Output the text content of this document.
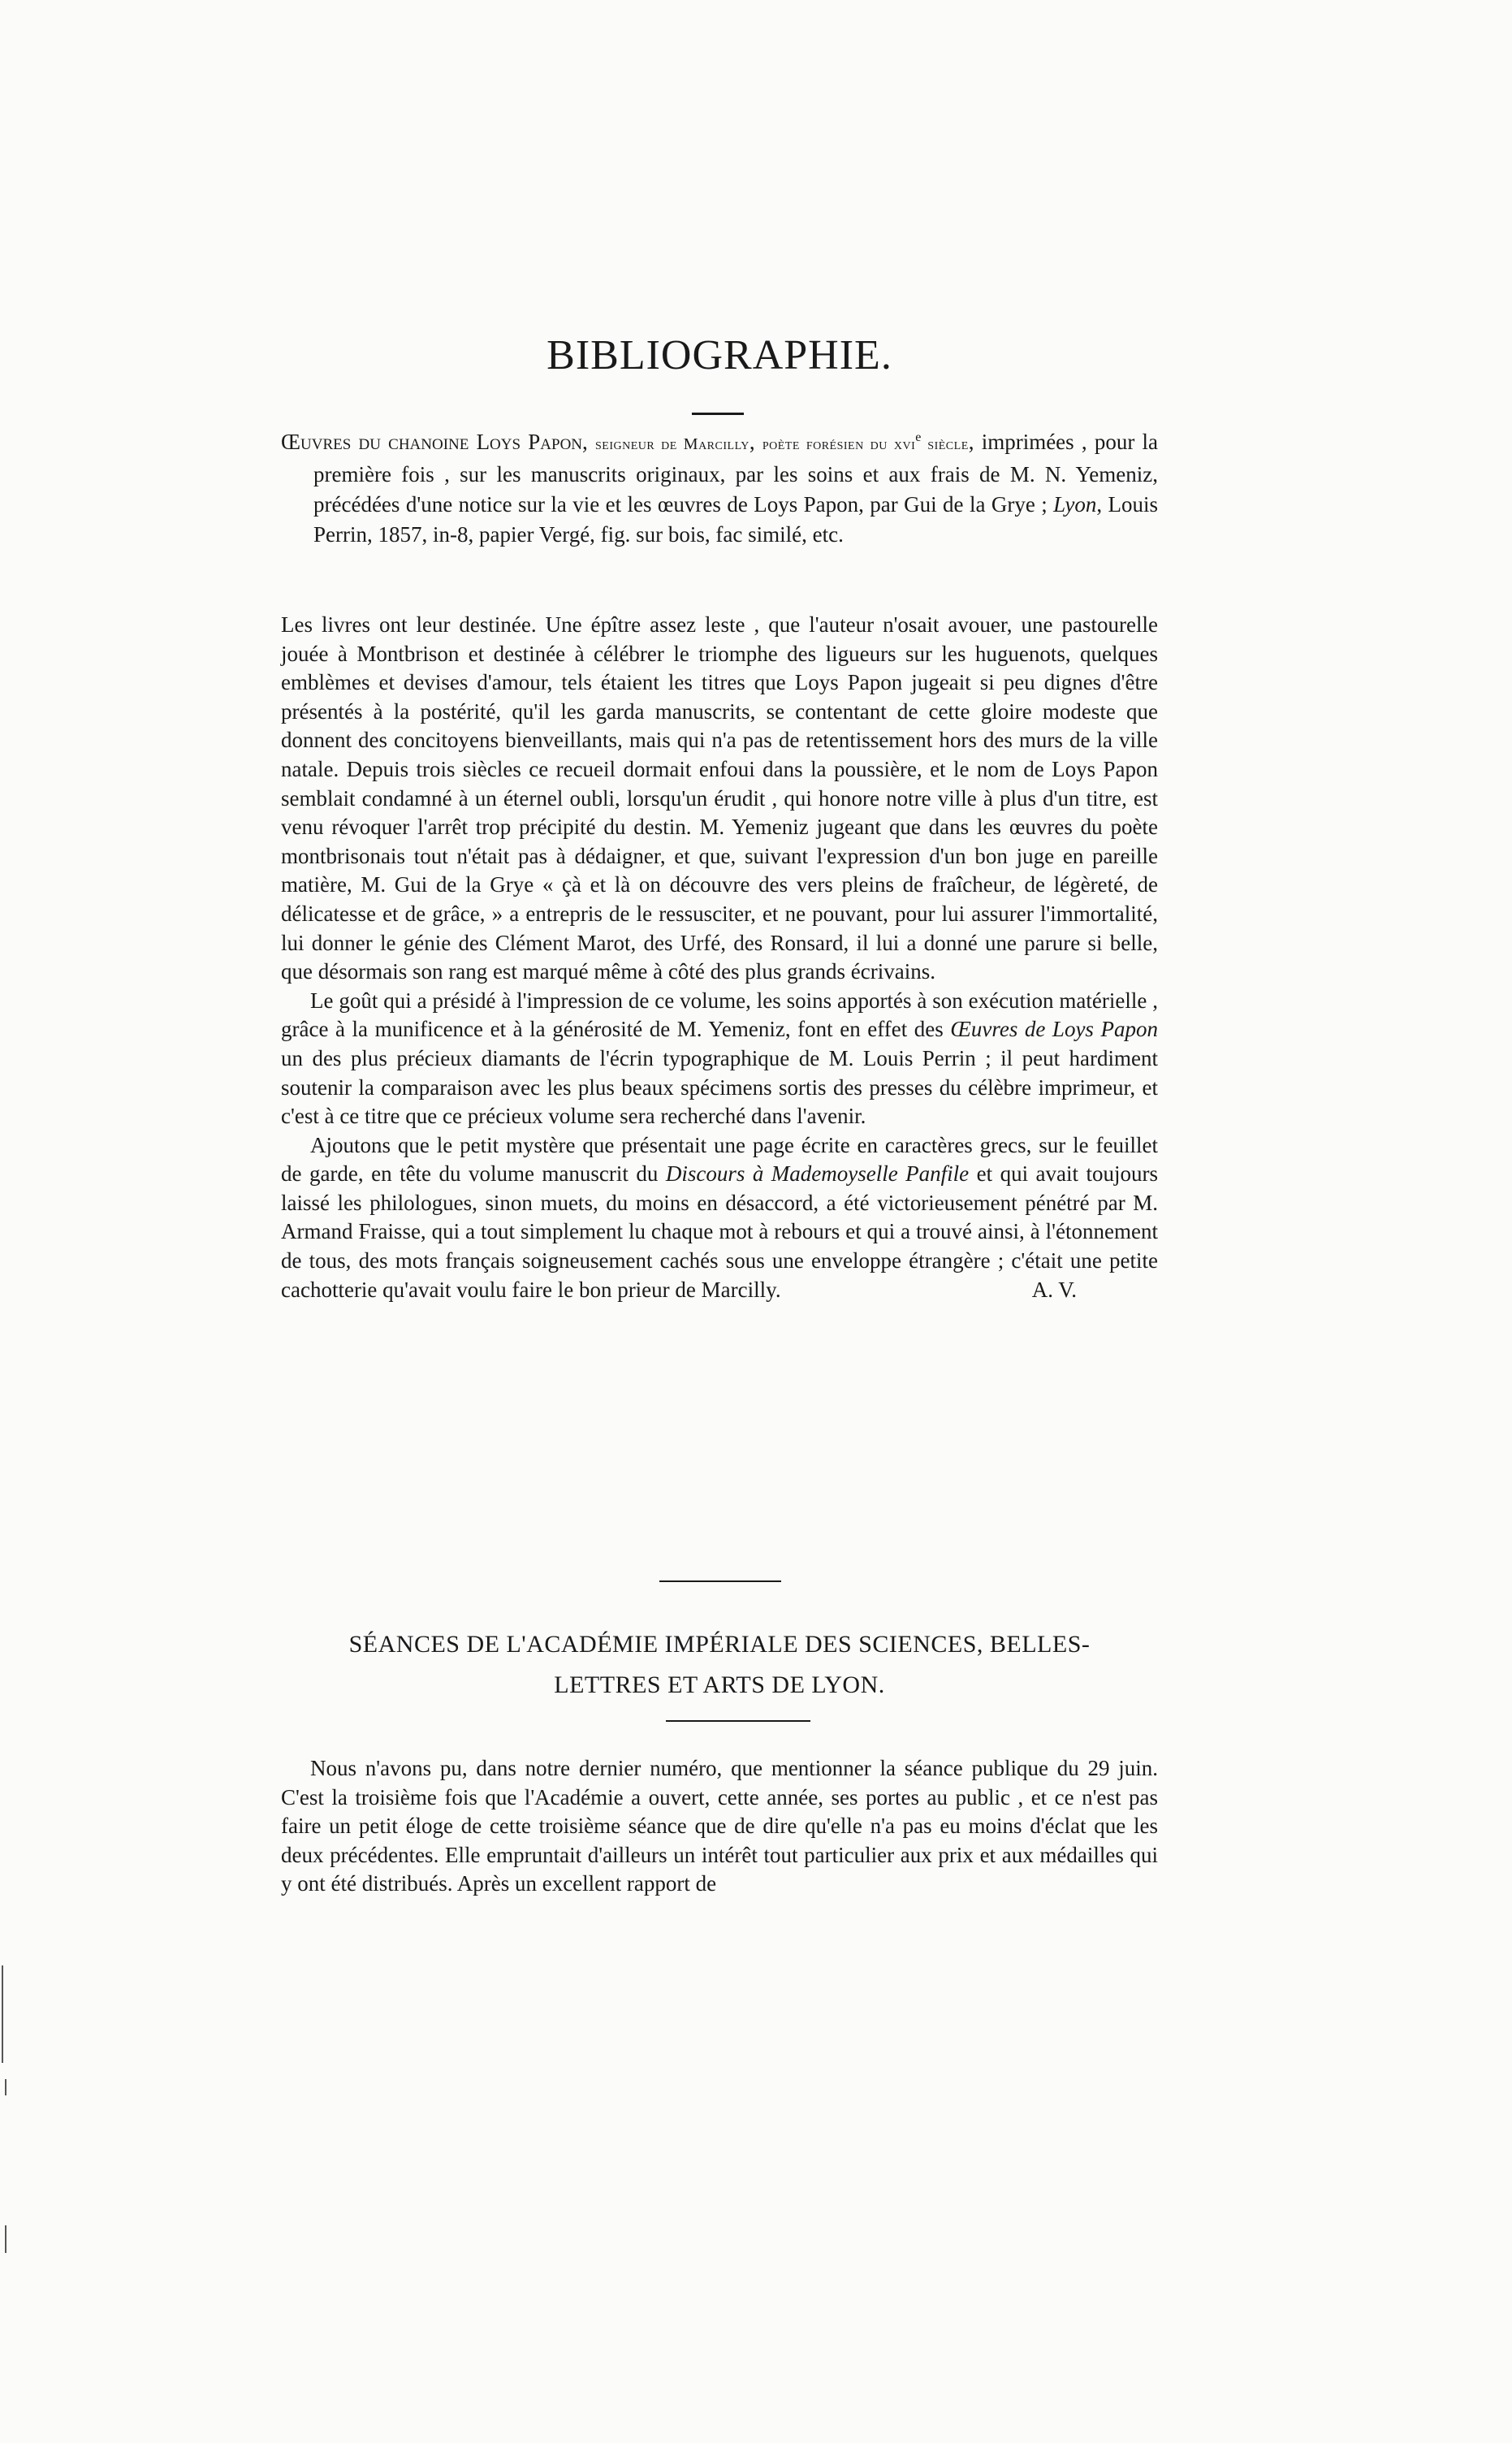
BIBLIOGRAPHIE.
Œuvres du chanoine Loys Papon, seigneur de Marcilly, poète forésien du xvi$^e$ siècle, imprimées , pour la première fois , sur les manuscrits originaux, par les soins et aux frais de M. N. Yemeniz, précédées d'une notice sur la vie et les œuvres de Loys Papon, par Gui de la Grye ; Lyon, Louis Perrin, 1857, in-8, papier Vergé, fig. sur bois, fac similé, etc.

Les livres ont leur destinée. Une épître assez leste , que l'auteur n'osait avouer, une pastourelle jouée à Montbrison et destinée à célébrer le triomphe des ligueurs sur les huguenots, quelques emblèmes et devises d'amour, tels étaient les titres que Loys Papon jugeait si peu dignes d'être présentés à la postérité, qu'il les garda manuscrits, se contentant de cette gloire modeste que donnent des concitoyens bienveillants, mais qui n'a pas de retentissement hors des murs de la ville natale. Depuis trois siècles ce recueil dormait enfoui dans la poussière, et le nom de Loys Papon semblait condamné à un éternel oubli, lorsqu'un érudit , qui honore notre ville à plus d'un titre, est venu révoquer l'arrêt trop précipité du destin. M. Yemeniz jugeant que dans les œuvres du poète montbrisonais tout n'était pas à dédaigner, et que, suivant l'expression d'un bon juge en pareille matière, M. Gui de la Grye « çà et là on découvre des vers pleins de fraîcheur, de légèreté, de délicatesse et de grâce, » a entrepris de le ressusciter, et ne pouvant, pour lui assurer l'immortalité, lui donner le génie des Clément Marot, des Urfé, des Ronsard, il lui a donné une parure si belle, que désormais son rang est marqué même à côté des plus grands écrivains.

Le goût qui a présidé à l'impression de ce volume, les soins apportés à son exécution matérielle , grâce à la munificence et à la générosité de M. Yemeniz, font en effet des Œuvres de Loys Papon un des plus précieux diamants de l'écrin typographique de M. Louis Perrin ; il peut hardiment soutenir la comparaison avec les plus beaux spécimens sortis des presses du célèbre imprimeur, et c'est à ce titre que ce précieux volume sera recherché dans l'avenir.

Ajoutons que le petit mystère que présentait une page écrite en caractères grecs, sur le feuillet de garde, en tête du volume manuscrit du Discours à Mademoyselle Panfile et qui avait toujours laissé les philologues, sinon muets, du moins en désaccord, a été victorieusement pénétré par M. Armand Fraisse, qui a tout simplement lu chaque mot à rebours et qui a trouvé ainsi, à l'étonnement de tous, des mots français soigneusement cachés sous une enveloppe étrangère ; c'était une petite cachotterie qu'avait voulu faire le bon prieur de Marcilly.	A. V.

SÉANCES DE L'ACADÉMIE IMPÉRIALE DES SCIENCES, BELLES-
LETTRES ET ARTS DE LYON.

Nous n'avons pu, dans notre dernier numéro, que mentionner la séance publique du 29 juin. C'est la troisième fois que l'Académie a ouvert, cette année, ses portes au public , et ce n'est pas faire un petit éloge de cette troisième séance que de dire qu'elle n'a pas eu moins d'éclat que les deux précédentes. Elle empruntait d'ailleurs un intérêt tout particulier aux prix et aux médailles qui y ont été distribués. Après un excellent rapport de
